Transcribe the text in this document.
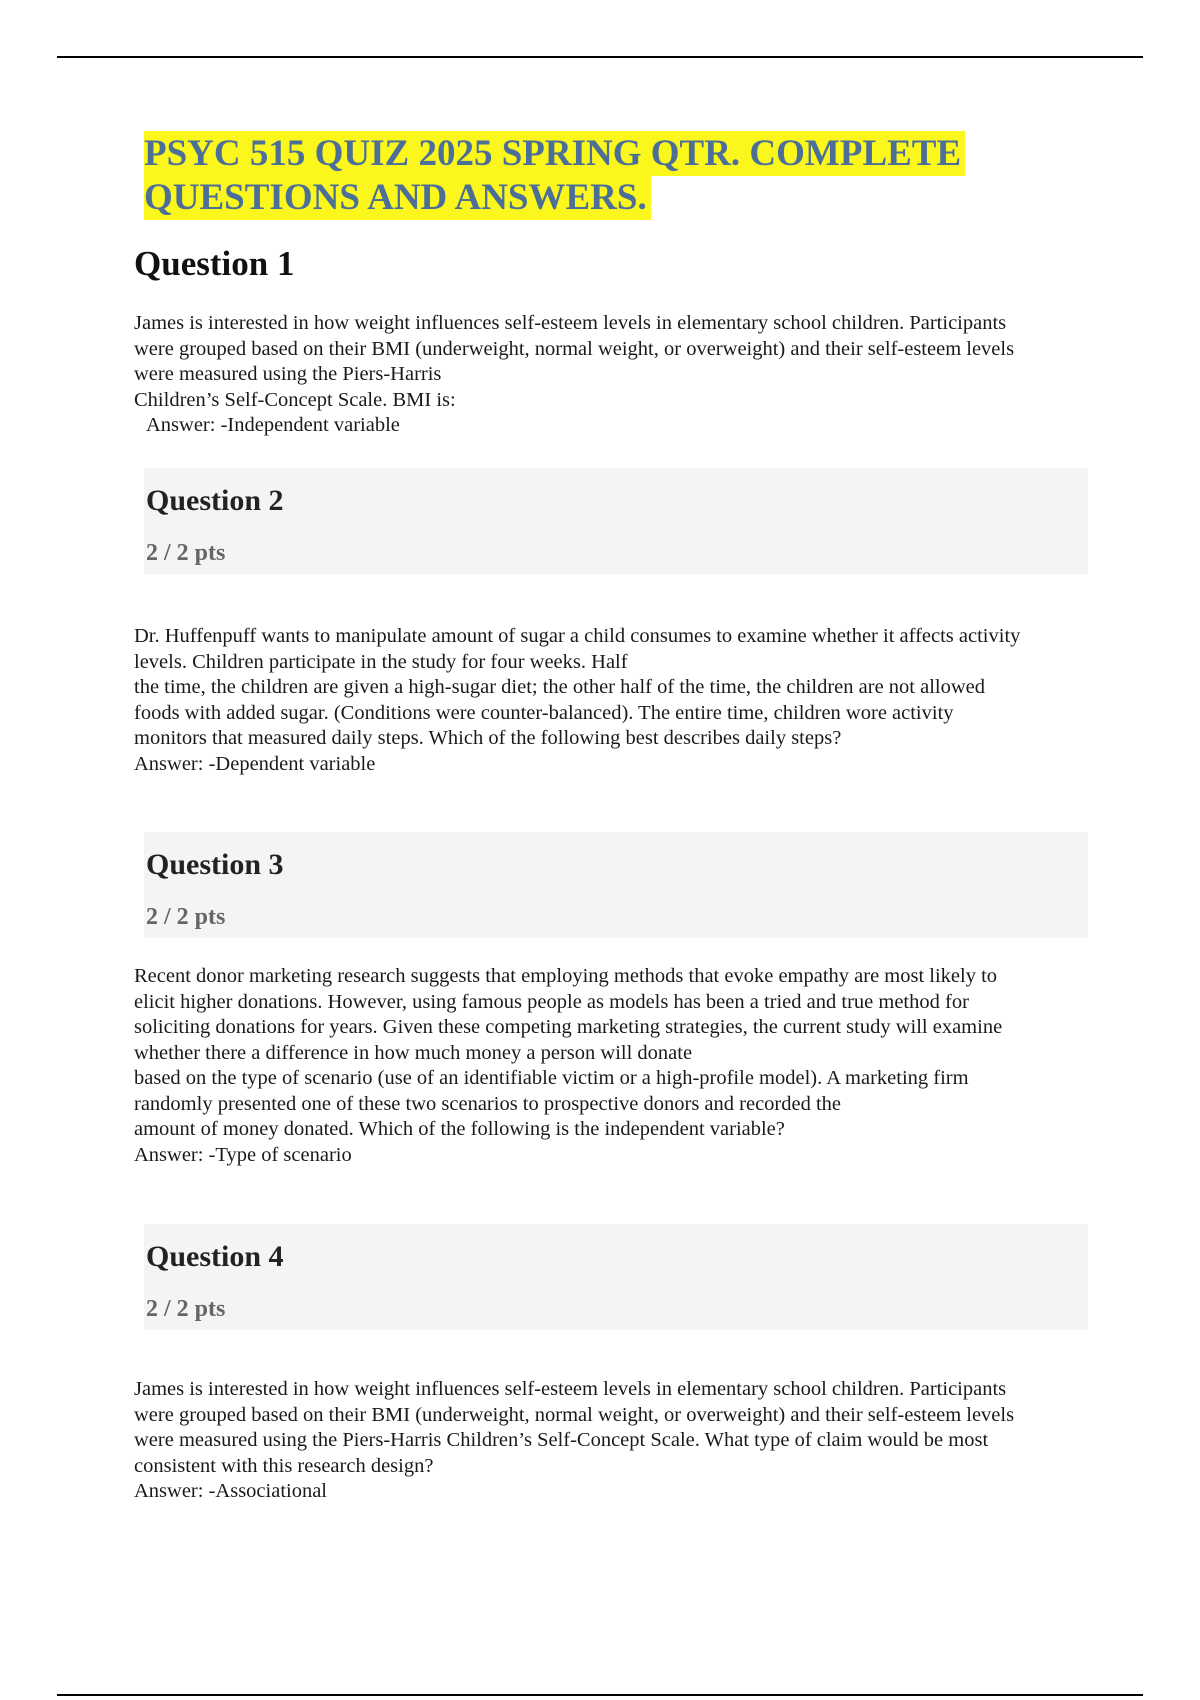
PSYC 515 QUIZ 2025 SPRING QTR. COMPLETE
QUESTIONS AND ANSWERS.
Question 1
James is interested in how weight influences self-esteem levels in elementary school children. Participants
were grouped based on their BMI (underweight, normal weight, or overweight) and their self-esteem levels
were measured using the Piers-Harris
Children’s Self-Concept Scale. BMI is:
Answer: -Independent variable
Question 2
2 / 2 pts
Dr. Huffenpuff wants to manipulate amount of sugar a child consumes to examine whether it affects activity
levels. Children participate in the study for four weeks. Half
the time, the children are given a high-sugar diet; the other half of the time, the children are not allowed
foods with added sugar. (Conditions were counter-balanced). The entire time, children wore activity
monitors that measured daily steps. Which of the following best describes daily steps?
Answer: -Dependent variable
Question 3
2 / 2 pts
Recent donor marketing research suggests that employing methods that evoke empathy are most likely to
elicit higher donations. However, using famous people as models has been a tried and true method for
soliciting donations for years. Given these competing marketing strategies, the current study will examine
whether there a difference in how much money a person will donate
based on the type of scenario (use of an identifiable victim or a high-profile model). A marketing firm
randomly presented one of these two scenarios to prospective donors and recorded the
amount of money donated. Which of the following is the independent variable?
Answer: -Type of scenario
Question 4
2 / 2 pts
James is interested in how weight influences self-esteem levels in elementary school children. Participants
were grouped based on their BMI (underweight, normal weight, or overweight) and their self-esteem levels
were measured using the Piers-Harris Children’s Self-Concept Scale. What type of claim would be most
consistent with this research design?
Answer: -Associational
